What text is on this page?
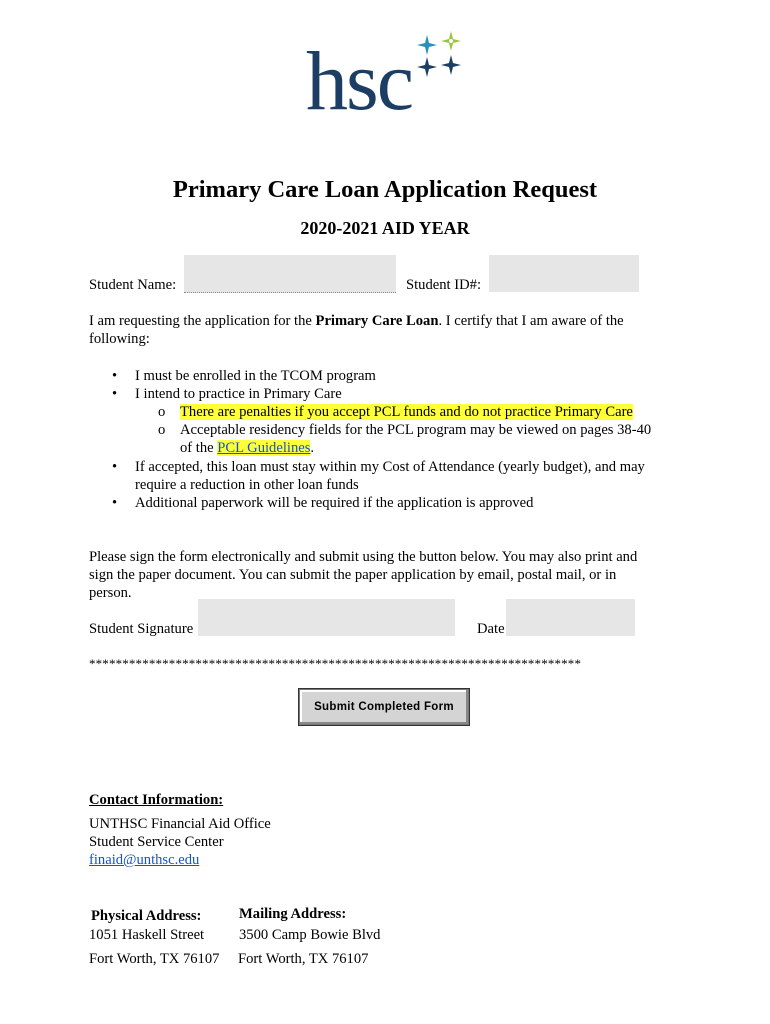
hsc
Primary Care Loan Application Request
2020-2021 AID YEAR
Student Name:	Student ID#:
I am requesting the application for the Primary Care Loan. I certify that I am aware of the
following:
• I must be enrolled in the TCOM program
• I intend to practice in Primary Care
o There are penalties if you accept PCL funds and do not practice Primary Care
o Acceptable residency fields for the PCL program may be viewed on pages 38-40
of the PCL Guidelines.
• If accepted, this loan must stay within my Cost of Attendance (yearly budget), and may
require a reduction in other loan funds
• Additional paperwork will be required if the application is approved
Please sign the form electronically and submit using the button below. You may also print and
sign the paper document. You can submit the paper application by email, postal mail, or in
person.
Student Signature	Date
**************************************************************************
Submit Completed Form
Contact Information:
UNTHSC Financial Aid Office
Student Service Center
finaid@unthsc.edu
Physical Address:
1051 Haskell Street
Fort Worth, TX 76107
Mailing Address:
3500 Camp Bowie Blvd
Fort Worth, TX 76107
